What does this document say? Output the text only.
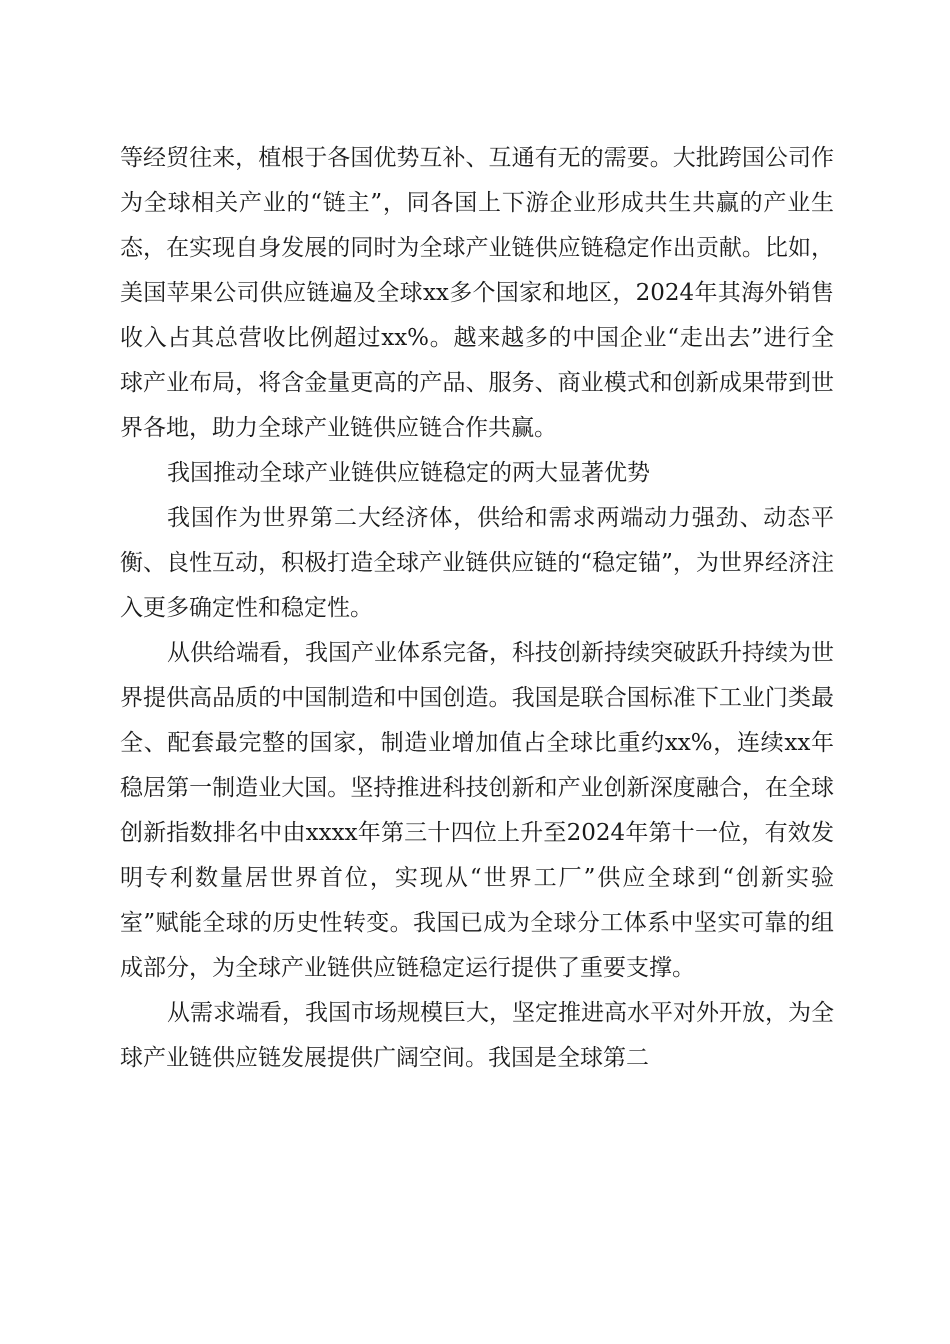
等经贸往来，植根于各国优势互补、互通有无的需要。大批跨国公司作为全球相关产业的“链主”，同各国上下游企业形成共生共赢的产业生态，在实现自身发展的同时为全球产业链供应链稳定作出贡献。比如，美国苹果公司供应链遍及全球xx多个国家和地区，2024年其海外销售收入占其总营收比例超过xx%。越来越多的中国企业“走出去”进行全球产业布局，将含金量更高的产品、服务、商业模式和创新成果带到世界各地，助力全球产业链供应链合作共赢。

我国推动全球产业链供应链稳定的两大显著优势

我国作为世界第二大经济体，供给和需求两端动力强劲、动态平衡、良性互动，积极打造全球产业链供应链的“稳定锚”，为世界经济注入更多确定性和稳定性。

从供给端看，我国产业体系完备，科技创新持续突破跃升持续为世界提供高品质的中国制造和中国创造。我国是联合国标准下工业门类最全、配套最完整的国家，制造业增加值占全球比重约xx%，连续xx年稳居第一制造业大国。坚持推进科技创新和产业创新深度融合，在全球创新指数排名中由xxxx年第三十四位上升至2024年第十一位，有效发明专利数量居世界首位，实现从“世界工厂”供应全球到“创新实验室”赋能全球的历史性转变。我国已成为全球分工体系中坚实可靠的组成部分，为全球产业链供应链稳定运行提供了重要支撑。

从需求端看，我国市场规模巨大，坚定推进高水平对外开放，为全球产业链供应链发展提供广阔空间。我国是全球第二
